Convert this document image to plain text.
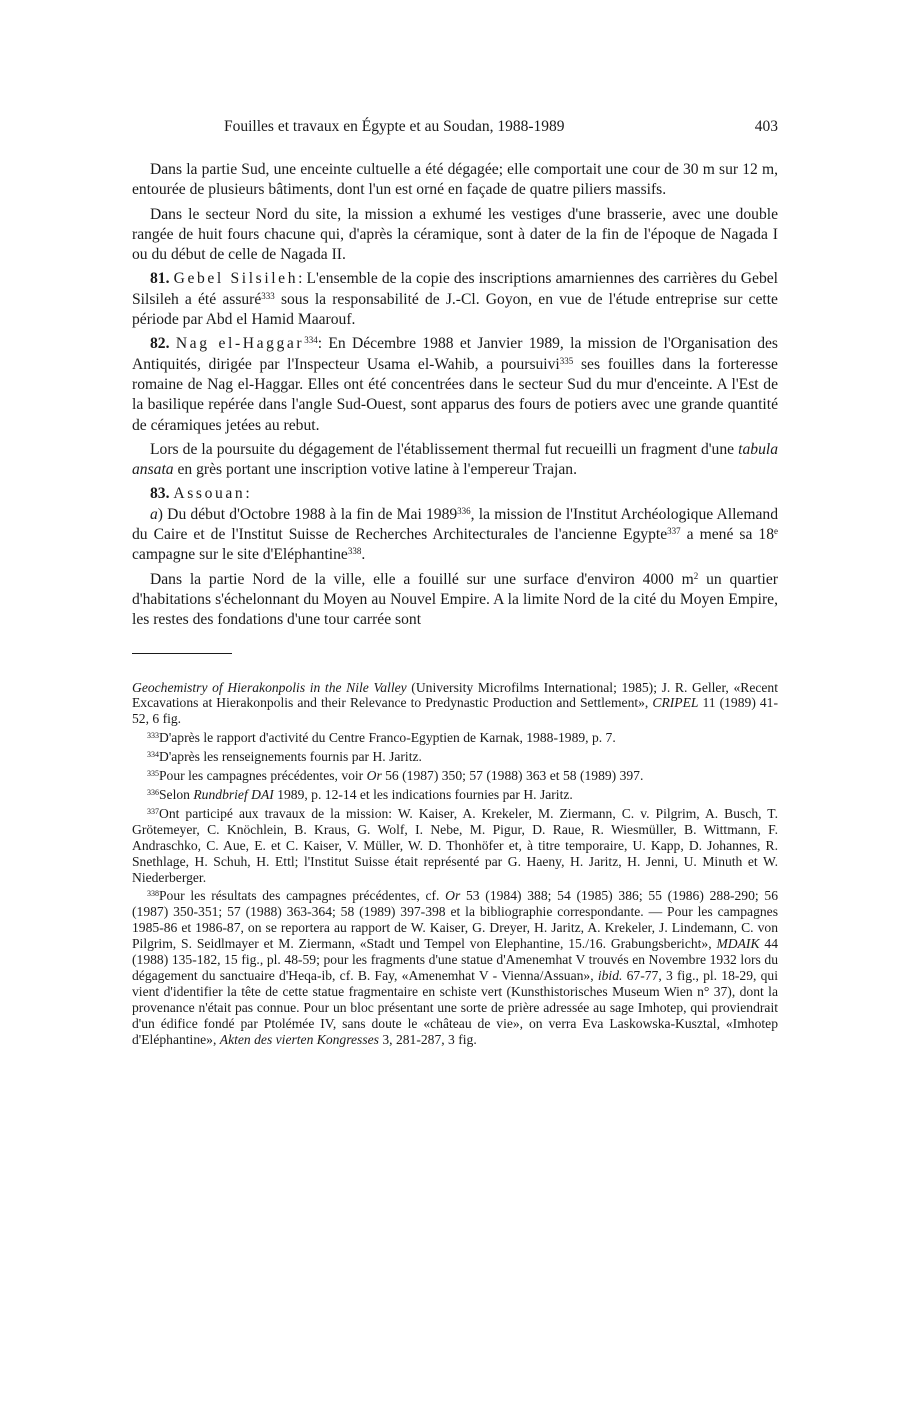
Fouilles et travaux en Égypte et au Soudan, 1988-1989	403

Dans la partie Sud, une enceinte cultuelle a été dégagée; elle comportait une cour de 30 m sur 12 m, entourée de plusieurs bâtiments, dont l'un est orné en façade de quatre piliers massifs.

Dans le secteur Nord du site, la mission a exhumé les vestiges d'une brasserie, avec une double rangée de huit fours chacune qui, d'après la céramique, sont à dater de la fin de l'époque de Nagada I ou du début de celle de Nagada II.

81. Gebel Silsileh: L'ensemble de la copie des inscriptions amarniennes des carrières du Gebel Silsileh a été assuré$^{333}$ sous la responsabilité de J.-Cl. Goyon, en vue de l'étude entreprise sur cette période par Abd el Hamid Maarouf.

82. Nag el-Haggar$^{334}$: En Décembre 1988 et Janvier 1989, la mission de l'Organisation des Antiquités, dirigée par l'Inspecteur Usama el-Wahib, a poursuivi$^{335}$ ses fouilles dans la forteresse romaine de Nag el-Haggar. Elles ont été concentrées dans le secteur Sud du mur d'enceinte. A l'Est de la basilique repérée dans l'angle Sud-Ouest, sont apparus des fours de potiers avec une grande quantité de céramiques jetées au rebut.

Lors de la poursuite du dégagement de l'établissement thermal fut recueilli un fragment d'une tabula ansata en grès portant une inscription votive latine à l'empereur Trajan.

83. Assouan:

a) Du début d'Octobre 1988 à la fin de Mai 1989$^{336}$, la mission de l'Institut Archéologique Allemand du Caire et de l'Institut Suisse de Recherches Architecturales de l'ancienne Egypte$^{337}$ a mené sa 18e campagne sur le site d'Eléphantine$^{338}$.

Dans la partie Nord de la ville, elle a fouillé sur une surface d'environ 4000 $m^2$ un quartier d'habitations s'échelonnant du Moyen au Nouvel Empire. A la limite Nord de la cité du Moyen Empire, les restes des fondations d'une tour carrée sont

Geochemistry of Hierakonpolis in the Nile Valley (University Microfilms International; 1985); J. R. Geller, «Recent Excavations at Hierakonpolis and their Relevance to Predynastic Production and Settlement», CRIPEL 11 (1989) 41-52, 6 fig.

$^{333}$D'après le rapport d'activité du Centre Franco-Egyptien de Karnak, 1988-1989, p. 7.

$^{334}$D'après les renseignements fournis par H. Jaritz.

$^{335}$Pour les campagnes précédentes, voir Or 56 (1987) 350; 57 (1988) 363 et 58 (1989) 397.

$^{336}$Selon Rundbrief DAI 1989, p. 12-14 et les indications fournies par H. Jaritz.

$^{337}$Ont participé aux travaux de la mission: W. Kaiser, A. Krekeler, M. Ziermann, C. v. Pilgrim, A. Busch, T. Grötemeyer, C. Knöchlein, B. Kraus, G. Wolf, I. Nebe, M. Pigur, D. Raue, R. Wiesmüller, B. Wittmann, F. Andraschko, C. Aue, E. et C. Kaiser, V. Müller, W. D. Thonhöfer et, à titre temporaire, U. Kapp, D. Johannes, R. Snethlage, H. Schuh, H. Ettl; l'Institut Suisse était représenté par G. Haeny, H. Jaritz, H. Jenni, U. Minuth et W. Niederberger.

$^{338}$Pour les résultats des campagnes précédentes, cf. Or 53 (1984) 388; 54 (1985) 386; 55 (1986) 288-290; 56 (1987) 350-351; 57 (1988) 363-364; 58 (1989) 397-398 et la bibliographie correspondante. — Pour les campagnes 1985-86 et 1986-87, on se reportera au rapport de W. Kaiser, G. Dreyer, H. Jaritz, A. Krekeler, J. Lindemann, C. von Pilgrim, S. Seidlmayer et M. Ziermann, «Stadt und Tempel von Elephantine, 15./16. Grabungsbericht», MDAIK 44 (1988) 135-182, 15 fig., pl. 48-59; pour les fragments d'une statue d'Amenemhat V trouvés en Novembre 1932 lors du dégagement du sanctuaire d'Heqa-ib, cf. B. Fay, «Amenemhat V - Vienna/Assuan», ibid. 67-77, 3 fig., pl. 18-29, qui vient d'identifier la tête de cette statue fragmentaire en schiste vert (Kunsthistorisches Museum Wien n° 37), dont la provenance n'était pas connue. Pour un bloc présentant une sorte de prière adressée au sage Imhotep, qui proviendrait d'un édifice fondé par Ptolémée IV, sans doute le «château de vie», on verra Eva Laskowska-Kusztal, «Imhotep d'Eléphantine», Akten des vierten Kongresses 3, 281-287, 3 fig.
